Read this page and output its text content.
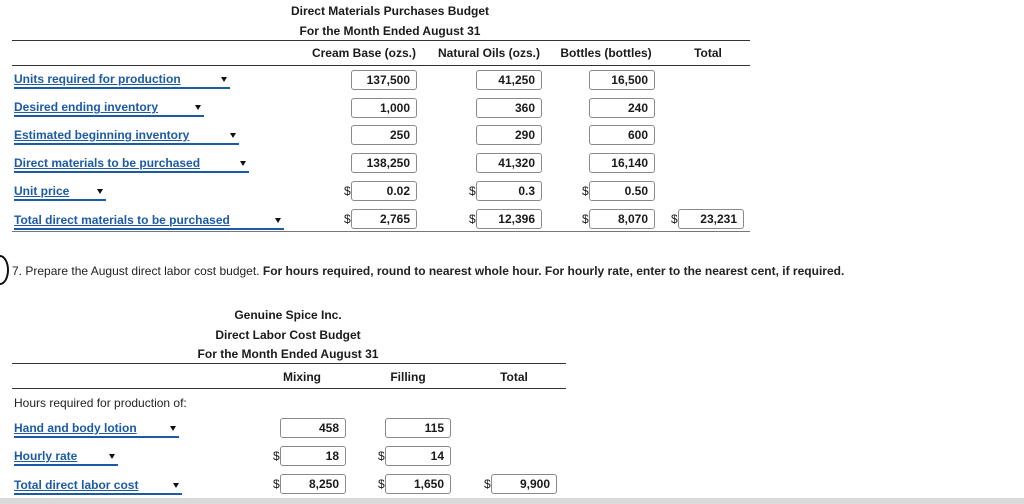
Direct Materials Purchases Budget
For the Month Ended August 31
Cream Base (ozs.)	Natural Oils (ozs.)	Bottles (bottles)	Total
Units required for production	137,500	41,250	16,500
Desired ending inventory	1,000	360	240
Estimated beginning inventory	250	290	600
Direct materials to be purchased	138,250	41,320	16,140
Unit price	$	0.02	$	0.3	$	0.50
Total direct materials to be purchased	$	2,765	$	12,396	$	8,070	$	23,231
7. Prepare the August direct labor cost budget. For hours required, round to nearest whole hour. For hourly rate, enter to the nearest cent, if required.
Genuine Spice Inc.
Direct Labor Cost Budget
For the Month Ended August 31
Mixing	Filling	Total
Hours required for production of:
Hand and body lotion	458	115
Hourly rate	$	18	$	14
Total direct labor cost	$	8,250	$	1,650	$	9,900
